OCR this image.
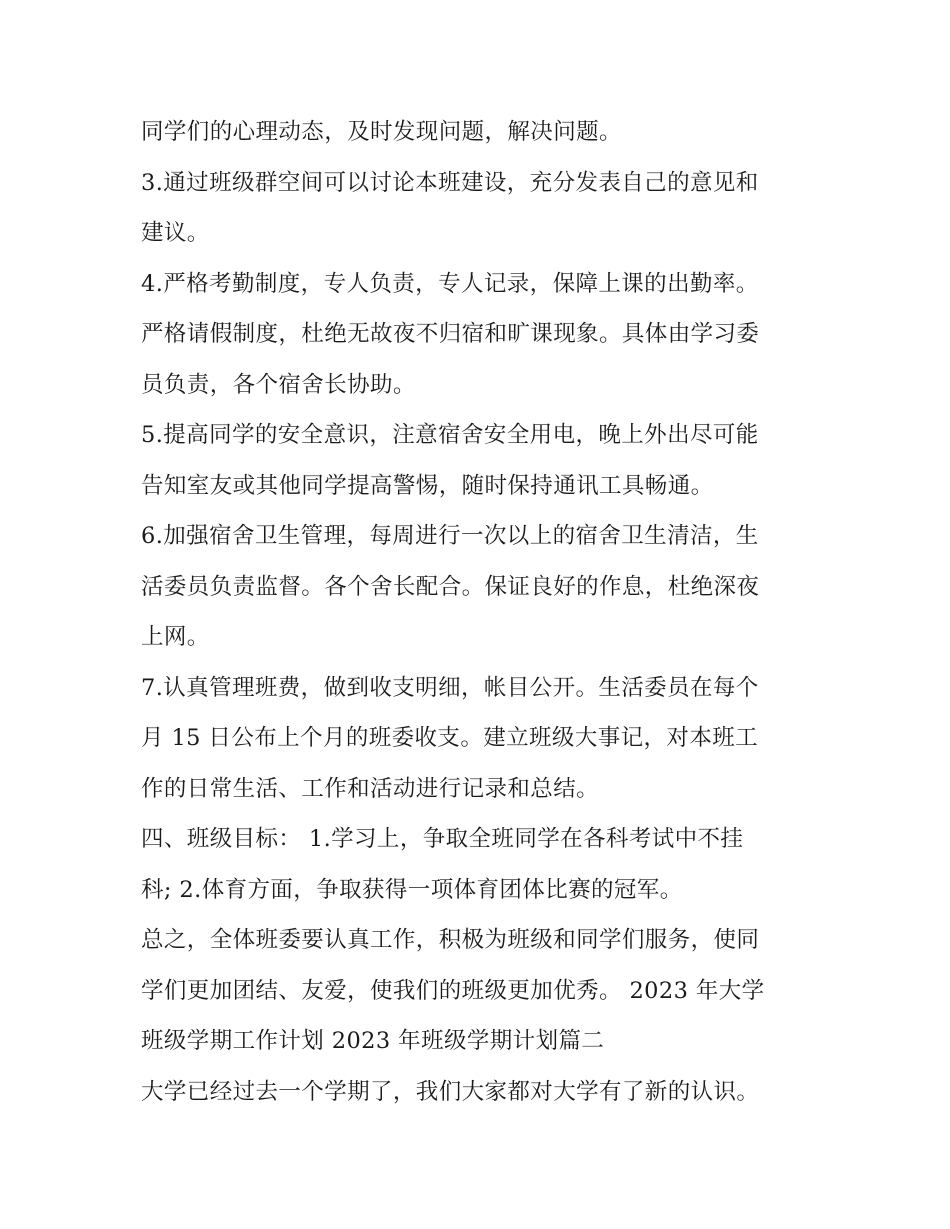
同学们的心理动态，及时发现问题，解决问题。
3.通过班级群空间可以讨论本班建设，充分发表自己的意见和
建议。
4.严格考勤制度，专人负责，专人记录，保障上课的出勤率。
严格请假制度，杜绝无故夜不归宿和旷课现象。具体由学习委
员负责，各个宿舍长协助。
5.提高同学的安全意识，注意宿舍安全用电，晚上外出尽可能
告知室友或其他同学提高警惕，随时保持通讯工具畅通。
6.加强宿舍卫生管理，每周进行一次以上的宿舍卫生清洁，生
活委员负责监督。各个舍长配合。保证良好的作息，杜绝深夜
上网。
7.认真管理班费，做到收支明细，帐目公开。生活委员在每个
月 15 日公布上个月的班委收支。建立班级大事记，对本班工
作的日常生活、工作和活动进行记录和总结。
四、班级目标： 1.学习上，争取全班同学在各科考试中不挂
科; 2.体育方面，争取获得一项体育团体比赛的冠军。
总之，全体班委要认真工作，积极为班级和同学们服务，使同
学们更加团结、友爱，使我们的班级更加优秀。 2023 年大学
班级学期工作计划 2023 年班级学期计划篇二
大学已经过去一个学期了，我们大家都对大学有了新的认识。
